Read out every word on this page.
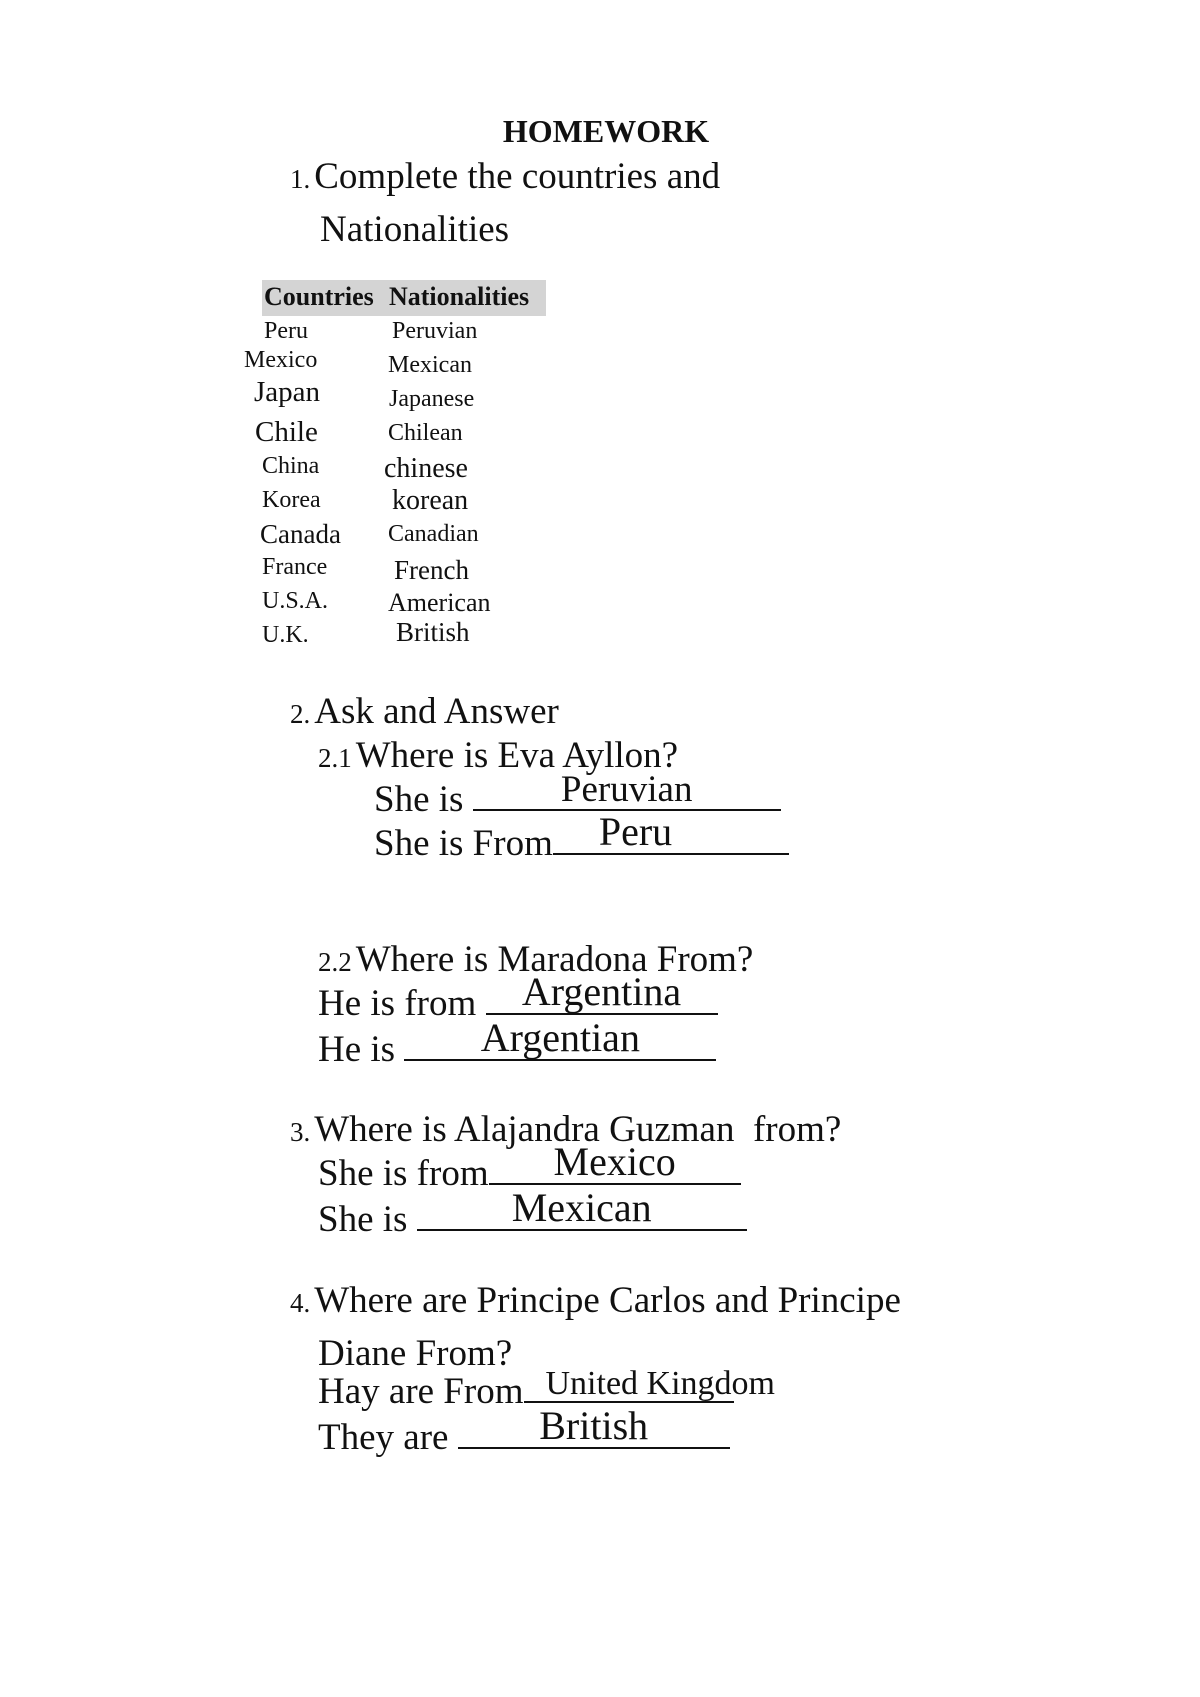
HOMEWORK
1. Complete the countries and
Nationalities
Countries Nationalities
Peru	Peruvian
Mexico	Mexican
Japan	Japanese
Chile	Chilean
China chinese
Korea	korean
Canada Canadian
France French
U.S.A. American
U.K.	British
2. Ask and Answer
2.1 Where is Eva Ayllon?
She is	Peruvian
She is From	Peru
2.2 Where is Maradona From?
He is from	Argentina
He is	Argentian
3. Where is Alajandra Guzman  from?
She is from	Mexico
She is	Mexican
4. Where are Principe Carlos and Principe
Diane From?
Hay are From United Kingdom
They are	British
